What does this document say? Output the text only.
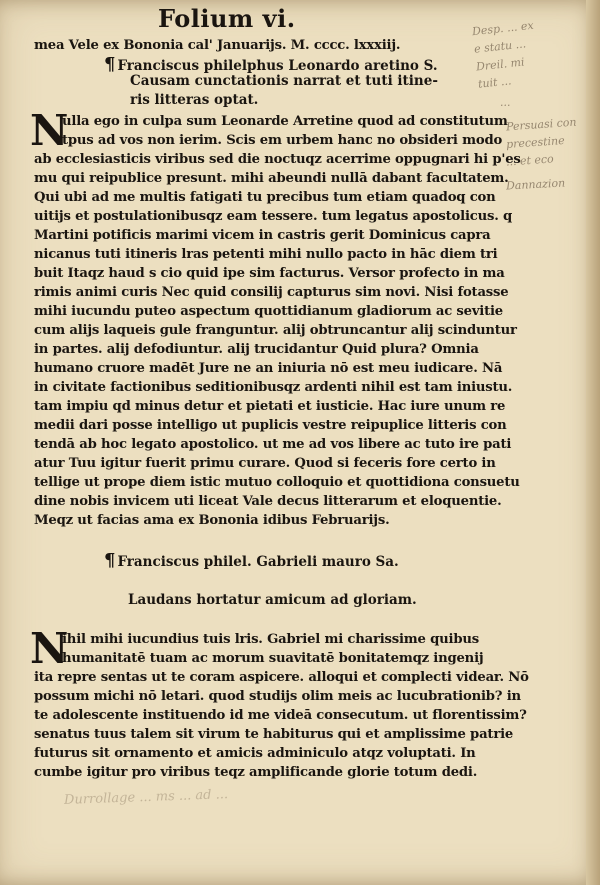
Folium vi.
mea Vele ex Bononia cal' Januarijs. M. cccc. lxxxiij.
¶ Franciscus philelphus Leonardo aretino S.
Causam cunctationis narrat et tuti itine-
ris litteras optat.
N
ulla ego in culpa sum Leonarde Arretine quod ad constitutum
tpus ad vos non ierim. Scis em urbem hanc no obsideri modo
ab ecclesiasticis viribus sed die noctuqz acerrime oppugnari hi p'es
mu qui reipublice presunt. mihi abeundi nullā dabant facultatem.
Qui ubi ad me multis fatigati tu precibus tum etiam quadoq con
uitijs et postulationibusqz eam tessere. tum legatus apostolicus. q
Martini potificis marimi vicem in castris gerit Dominicus capra
nicanus tuti itineris lras petenti mihi nullo pacto in hāc diem tri
buit Itaqz haud s cio quid ipe sim facturus. Versor profecto in ma
rimis animi curis Nec quid consilij capturus sim novi. Nisi fotasse
mihi iucundu puteo aspectum quottidianum gladiorum ac sevitie
cum alijs laqueis gule franguntur. alij obtruncantur alij scinduntur
in partes. alij defodiuntur. alij trucidantur Quid plura? Omnia
humano cruore madēt Jure ne an iniuria nō est meu iudicare. Nā
in civitate factionibus seditionibusqz ardenti nihil est tam iniustu.
tam impiu qd minus detur et pietati et iusticie. Hac iure unum re
medii dari posse intelligo ut puplicis vestre reipuplice litteris con
tendā ab hoc legato apostolico. ut me ad vos libere ac tuto ire pati
atur Tuu igitur fuerit primu curare. Quod si feceris fore certo in
tellige ut prope diem istic mutuo colloquio et quottidiona consuetu
dine nobis invicem uti liceat Vale decus litterarum et eloquentie.
Meqz ut facias ama ex Bononia idibus Februarijs.
¶ Franciscus philel. Gabrieli mauro Sa.
Laudans hortatur amicum ad gloriam.
N
ihil mihi iucundius tuis lris. Gabriel mi charissime quibus
humanitatē tuam ac morum suavitatē bonitatemqz ingenij
ita repre sentas ut te coram aspicere. alloqui et complecti videar. Nō
possum michi nō letari. quod studijs olim meis ac lucubrationib? in
te adolescente instituendo id me videā consecutum. ut florentissim?
senatus tuus talem sit virum te habiturus qui et amplissime patrie
futurus sit ornamento et amicis adminiculo atqz voluptati. In
cumbe igitur pro viribus teqz amplificande glorie totum dedi.
Desp. ... ex
e statu ...
Dreil. mi
tuit ...
...
Persuasi con
precestine
... et eco
Dannazion
Durrollage ... ms ... ad ...
